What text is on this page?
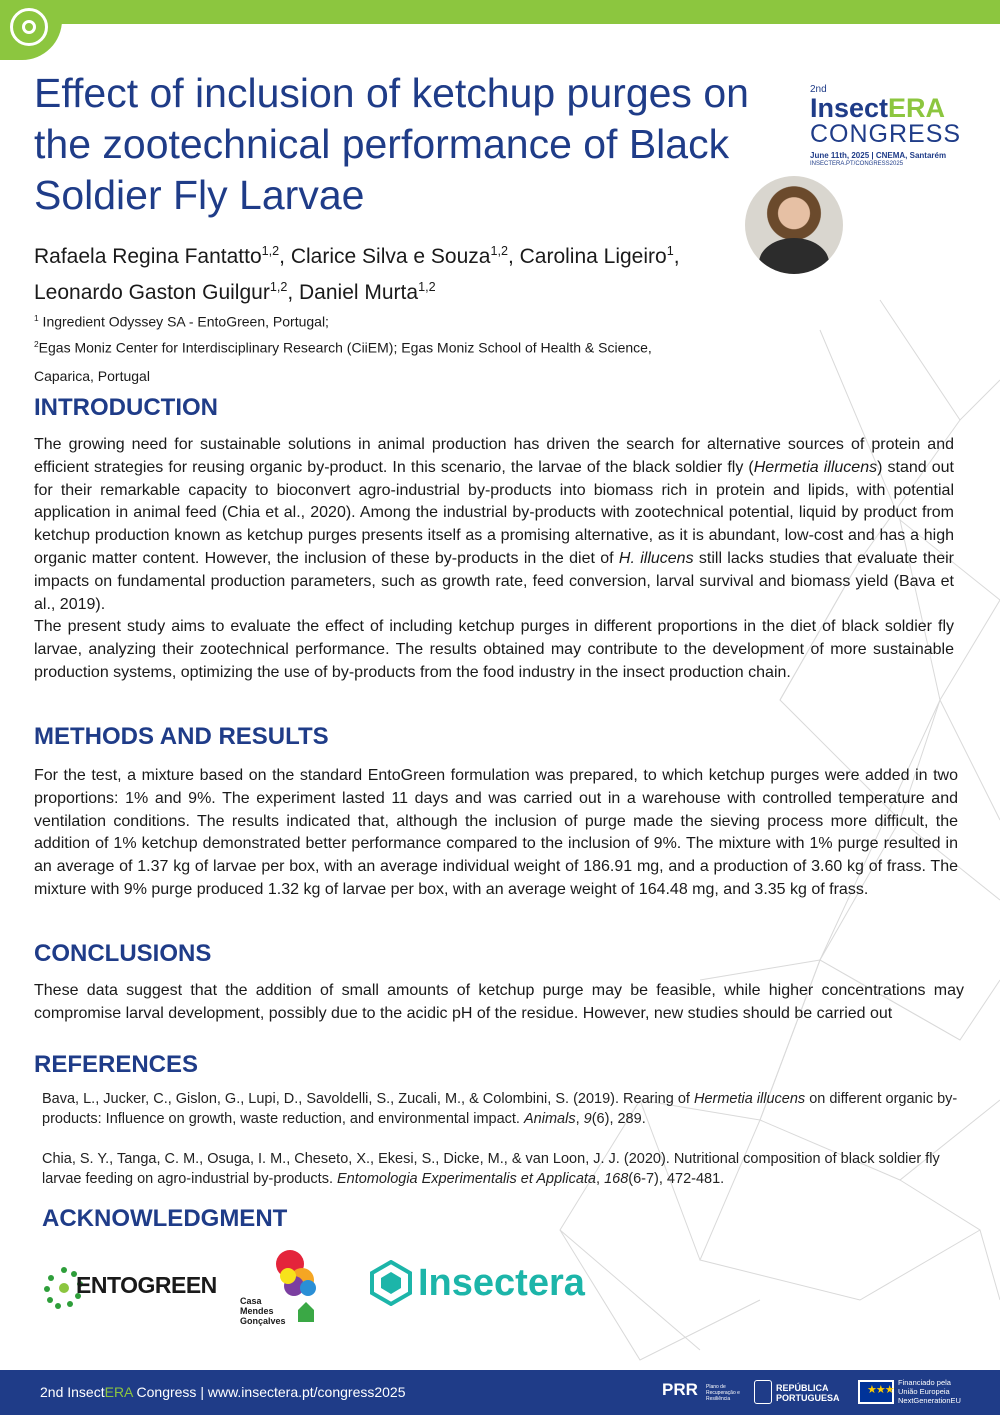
Effect of inclusion of ketchup purges on the zootechnical performance of Black Soldier Fly Larvae
2nd
InsectERA
CONGRESS
June 11th, 2025 | CNEMA, Santarém
INSECTERA.PT/CONGRESS2025
Rafaela Regina Fantatto$^{1,2}$, Clarice Silva e Souza$^{1,2}$, Carolina Ligeiro$^1$,
Leonardo Gaston Guilgur$^{1,2}$, Daniel Murta$^{1,2}$
$^1$ Ingredient Odyssey SA - EntoGreen, Portugal;
$^2$Egas Moniz Center for Interdisciplinary Research (CiiEM); Egas Moniz School of Health & Science, Caparica, Portugal
INTRODUCTION

The growing need for sustainable solutions in animal production has driven the search for alternative sources of protein and efficient strategies for reusing organic by-product. In this scenario, the larvae of the black soldier fly (Hermetia illucens) stand out for their remarkable capacity to bioconvert agro-industrial by-products into biomass rich in protein and lipids, with potential application in animal feed (Chia et al., 2020). Among the industrial by-products with zootechnical potential, liquid by product from ketchup production known as ketchup purges presents itself as a promising alternative, as it is abundant, low-cost and has a high organic matter content. However, the inclusion of these by-products in the diet of H. illucens still lacks studies that evaluate their impacts on fundamental production parameters, such as growth rate, feed conversion, larval survival and biomass yield (Bava et al., 2019).
The present study aims to evaluate the effect of including ketchup purges in different proportions in the diet of black soldier fly larvae, analyzing their zootechnical performance. The results obtained may contribute to the development of more sustainable production systems, optimizing the use of by-products from the food industry in the insect production chain.

METHODS AND RESULTS

For the test, a mixture based on the standard EntoGreen formulation was prepared, to which ketchup purges were added in two proportions: 1% and 9%. The experiment lasted 11 days and was carried out in a warehouse with controlled temperature and ventilation conditions. The results indicated that, although the inclusion of purge made the sieving process more difficult, the addition of 1% ketchup demonstrated better performance compared to the inclusion of 9%. The mixture with 1% purge resulted in an average of 1.37 kg of larvae per box, with an average individual weight of 186.91 mg, and a production of 3.60 kg of frass. The mixture with 9% purge produced 1.32 kg of larvae per box, with an average weight of 164.48 mg, and 3.35 kg of frass.

CONCLUSIONS

These data suggest that the addition of small amounts of ketchup purge may be feasible, while higher concentrations may compromise larval development, possibly due to the acidic pH of the residue. However, new studies should be carried out

REFERENCES

Bava, L., Jucker, C., Gislon, G., Lupi, D., Savoldelli, S., Zucali, M., & Colombini, S. (2019). Rearing of Hermetia illucens on different organic by-products: Influence on growth, waste reduction, and environmental impact. Animals, 9(6), 289.

Chia, S. Y., Tanga, C. M., Osuga, I. M., Cheseto, X., Ekesi, S., Dicke, M., & van Loon, J. J. (2020). Nutritional composition of black soldier fly larvae feeding on agro-industrial by-products. Entomologia Experimentalis et Applicata, 168(6-7), 472-481.

ACKNOWLEDGMENT
ENTOGREEN
Casa
Mendes
Gonçalves
Insectera
2nd InsectERA Congress | www.insectera.pt/congress2025	PRR Plano de Recuperação e Resiliência
REPÚBLICA
PORTUGUESA
★★★
Financiado pela
União Europeia
NextGenerationEU
